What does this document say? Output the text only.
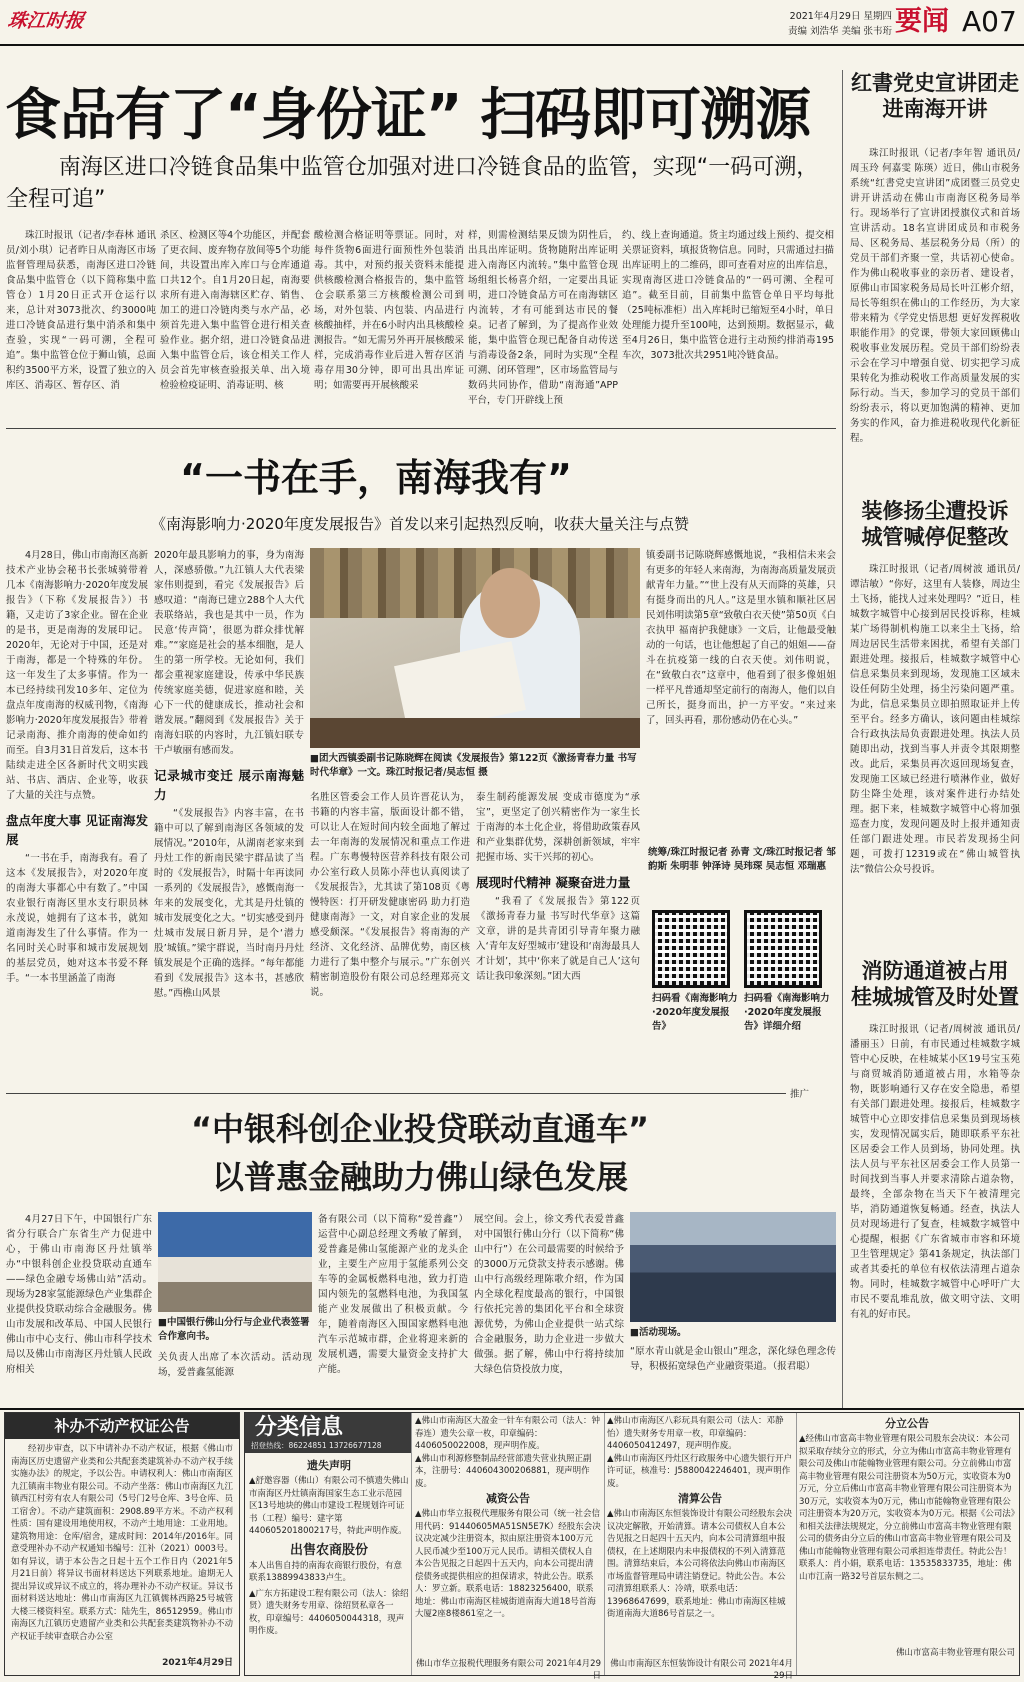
珠江时报	2021年4月29日 星期四
责编 刘浩华 美编 张韦珩 要闻 A07
食品有了“身份证” 扫码即可溯源
南海区进口冷链食品集中监管仓加强对进口冷链食品的监管，实现“一码可溯，全程可追”
珠江时报讯（记者/李春林 通讯员/刘小琪）记者昨日从南海区市场监督管理局获悉，南海区进口冷链食品集中监管仓（以下简称集中监管仓）1月20日正式开仓运行以来，总计对3073批次、约3000吨进口冷链食品进行集中消杀和集中查验，实现“一码可溯，全程可追”。集中监管仓位于狮山镇，总面积约3500平方米，设置了独立的入库区、消毒区、暂存区、消
杀区、检测区等4个功能区，并配套了更衣间、废弃物存放间等5个功能间，共设置出库入库口与仓库通道口共12个。自1月20日起，南海要求所有进入南海辖区贮存、销售、加工的进口冷链肉类与水产品，必须首先进入集中监管仓进行相关查验作业。据介绍，进口冷链食品进入集中监管仓后，该仓相关工作人员会首先审核查验报关单、出入境检验检疫证明、消毒证明、核
酸检测合格证明等票证。同时，对每件货物6面进行面预性外包装消毒。其中，对预约报关资料未能提供核酸检测合格报告的，集中监管仓会联系第三方核酸检测公司到场，对外包装、内包装、内品进行核酸抽样，并在6小时内出具核酸检测报告。“如无需另外再开展核酸采样，完成消毒作业后进入暂存区消毒存用30分钟，即可出具出库证明；如需要再开展核酸采
样，则需检测结果反馈为阴性后，出具出库证明。货物随附出库证明进入南海区内流转。”集中监管仓现场组组长杨喜介绍，一定要出具证明，进口冷链食品方可在南海辖区内流转，才有可能到达市民的餐桌。记者了解到，为了提高作业效能，集中监管仓现已配备自动传送与消毒设备2条，同时为实现“全程可溯、闭环管理”，区市场监管局与数码共同协作，借助“南海通”APP平台，专门开辟线上预
约、线上查询通道。货主均通过线上预约、提交相关票证资料，填报货物信息。同时，只需通过扫描出库证明上的二维码，即可查看对应的出库信息，实现南海区进口冷链食品的“一码可溯、全程可追”。截至目前，目前集中监管仓单日平均每批（25吨标准柜）出入库耗时已缩短至4小时，单日处理能力提升至100吨，达到预期。数据显示，截至4月26日，集中监管仓进行主动预约排消毒195车次，3073批次共2951吨冷链食品。
“一书在手，南海我有”
《南海影响力·2020年度发展报告》首发以来引起热烈反响，收获大量关注与点赞

4月28日，佛山市南海区高新技术产业协会秘书长张城骑带着几本《南海影响力·2020年度发展报告》（下称《发展报告》）书籍，又走访了3家企业。留在企业的是书，更是南海的发展印记。2020年，无论对于中国，还是对于南海，都是一个特殊的年份。这一年发生了太多事情。作为一本已经持续刊发10多年、定位为盘点年度南海的权威刊物，《南海影响力·2020年度发展报告》带着记录南海、推介南海的使命如约而至。自3月31日首发后，这本书陆续走进全区各新时代文明实践站、书店、酒店、企业等，收获了大量的关注与点赞。

盘点年度大事 见证南海发展

“一书在手，南海我有。看了这本《发展报告》，对2020年度的南海大事都心中有数了。”中国农业银行南海区里水支行职员林永茂说，她拥有了这本书，就知道南海发生了什么事情。作为一名同时关心时事和城市发展规划的基层党员，她对这本书爱不释手。“一本书里涵盖了南海

2020年最具影响力的事，身为南海人，深感骄傲。”九江镇人大代表梁家伟则提到，看完《发展报告》后感叹道：“南海已建立288个人大代表联络站，我也是其中一员，作为民意‘传声筒’，很愿为群众排忧解难。”“家庭是社会的基本细胞，是人生的第一所学校。无论如何，我们都会重视家庭建设，传承中华民族传统家庭美德，促进家庭和睦，关心下一代的健康成长，推动社会和谐发展。”翻阅到《发展报告》关于南海妇联的内容时，九江镇妇联专干卢敏丽有感而发。

记录城市变迁 展示南海魅力

“《发展报告》内容丰富，在书籍中可以了解到南海区各领域的发展情况。”2010年，从湖南老家来到丹灶工作的新南民梁宇群品读了当时的《发展报告》，时隔十年再读同一系列的《发展报告》，感慨南海一年来的发展变化，尤其是丹灶镇的城市发展变化之大。“切实感受到丹灶城市发展日新月异，是个‘潜力股’城镇。”梁宇群说，当时南丹丹灶镇发展是个正确的选择。“每年都能看到《发展报告》这本书，甚感欣慰。”西樵山风景

■团大西镇委副书记陈晓辉在阅读《发展报告》第122页《激扬青春力量 书写时代华章》一文。珠江时报记者/吴志恒 摄

名胜区管委会工作人员许晋花认为，书籍的内容丰富，版面设计都不错，可以让人在短时间内较全面地了解过去一年南海的发展情况和重点工作进程。广东粤慢特医营养科技有限公司办公室行政人员陈小萍也认真阅读了《发展报告》，尤其读了第108页《粤慢特医：打开研发健康密码 助力打造健康南海》一文，对自家企业的发展感受颇深。“《发展报告》将南海的产经济、文化经济、品牌优势，南区核力进行了集中整介与展示。”广东创兴精密制造股份有限公司总经理郑亮文说。

泰生制药能源发展 变成市德度为“承宝”，更坚定了创兴精密作为一家生长于南海的本土化企业，将借助政策春风和产业集群优势，深耕创新领域，牢牢把握市场、实干兴邦的初心。

展现时代精神 凝聚奋进力量

“我看了《发展报告》第122页《激扬青春力量 书写时代华章》这篇文章，讲的是共青团引导青年聚力融入‘青年友好型城市’建设和‘南海最具人才计划’，其中‘你来了就是自己人’这句话让我印象深刻。”团大西

镇委副书记陈晓辉感慨地说，“我相信未来会有更多的年轻人来南海，为南海高质量发展贡献青年力量。”“世上没有从天而降的英雄，只有挺身而出的凡人。”这是里水镇和顺社区居民刘伟明读第5章“致敬白衣天使”第50页《白衣执甲 福南护我健康》一文后，让他最受触动的一句话，也让他想起了自己的姐姐——奋斗在抗疫第一线的白衣天使。刘伟明说，在“致敬白衣”这章中，他看到了很多像姐姐一样平凡普通却坚定前行的南海人，他们以自己所长，挺身而出，护一方平安。“来过来了，回头再看，那份感动仍在心头。”

统筹/珠江时报记者 孙青 文/珠江时报记者 邹韵斯 朱明菲 钟泽诗 吴玮琛 吴志恒 邓瑞惠
扫码看《南海影响力·2020年度发展报告》
扫码看《南海影响力·2020年度发展报告》详细介绍
推广
“中银科创企业投贷联动直通车”
以普惠金融助力佛山绿色发展
4月27日下午，中国银行广东省分行联合广东省生产力促进中心，于佛山市南海区丹灶镇举办“中银科创企业投贷联动直通车——绿色金融专场佛山站”活动。现场为28家氢能源绿色产业集群企业提供投贷联动综合金融服务。佛山市发展和改革局、中国人民银行佛山市中心支行、佛山市科学技术局以及佛山市南海区丹灶镇人民政府相关
■中国银行佛山分行与企业代表签署合作意向书。
关负责人出席了本次活动。活动现场，爱普鑫氢能源
备有限公司（以下简称“爱普鑫”）运营中心副总经理文秀敏了解到，爱普鑫是佛山氢能源产业的龙头企业，主要生产应用于氢能系列公交车等的金属板燃料电池，致力打造国内领先的氢燃料电池，为我国氢能产业发展做出了积极贡献。今年，随着南海区入围国家燃料电池汽车示范城市群，企业将迎来新的发展机遇，需要大量资金支持扩大产能。
展空间。会上，徐文秀代表爱普鑫对中国银行佛山分行（以下简称“佛山中行”）在公司最需要的时候给予的3000万元贷款支持表示感谢。佛山中行高级经理陈歌介绍，作为国内全球化程度最高的银行，中国银行依托完善的集团化平台和全球资源优势，为佛山企业提供一站式综合金融服务，助力企业进一步做大做强。据了解，佛山中行将持续加大绿色信贷投放力度，
■活动现场。
“原水青山就是金山银山”理念，深化绿色理念传导，积极拓宽绿色产业融资渠道。（报君聪）
红書党史宣讲团走进南海开讲
珠江时报讯（记者/李年智 通讯员/周玉玲 何嘉雯 陈瑛）近日，佛山市税务系统“红書党史宣讲团”成团暨三员党史讲开讲活动在佛山市南海区税务局举行。现场举行了宣讲团授旗仪式和首场宣讲活动。18名宣讲团成员和市税务局、区税务局、基层税务分局（所）的党员干部们齐聚一堂，共话初心使命。作为佛山税收事业的亲历者、建设者，原佛山市国家税务局局长叶江彬介绍，局长等组织在佛山的工作经历，为大家带来精为《学党史悟思想 更好发挥税收职能作用》的党课，带领大家回顾佛山税收事业发展历程。党员干部们纷纷表示会在学习中增强自觉、切实把学习成果转化为推动税收工作高质量发展的实际行动。当天，参加学习的党员干部们纷纷表示，将以更加饱满的精神、更加务实的作风，奋力推进税收现代化新征程。
装修扬尘遭投诉 城管喊停促整改
珠江时报讯（记者/周树波 通讯员/谭洁敏）“你好，这里有人装修，周边尘土飞扬，能找人过来处理吗？”近日，桂城数字城管中心接到居民投诉称，桂城某广场得制机构施工以来尘土飞扬，给周边居民生活带来困扰，希望有关部门跟进处理。接报后，桂城数字城管中心信息采集员来到现场，发现施工区域未设任何防尘处理，扬尘污染问题严重。为此，信息采集员立即拍照取证并上传至平台。经多方确认，该问题由桂城综合行政执法局负责跟进处理。执法人员随即出动，找到当事人并责令其限期整改。此后，采集员再次返回现场复查，发现施工区域已经进行喷淋作业，做好防尘降尘处理，该对案件进行办结处理。据下来，桂城数字城管中心将加强巡查力度，发现问题及时上报并通知责任部门跟进处理。市民若发现扬尘问题，可拨打12319或在“佛山城管执法”微信公众号投诉。
消防通道被占用 桂城城管及时处置
珠江时报讯（记者/周树波 通讯员/潘丽玉）日前，有市民通过桂城数字城管中心反映，在桂城某小区19号宝玉苑与商贸城消防通道被占用，水箱等杂物，既影响通行又存在安全隐患，希望有关部门跟进处理。接报后，桂城数字城管中心立即安排信息采集员到现场核实，发现情况属实后，随即联系平东社区居委会工作人员到场，协同处理。执法人员与平东社区居委会工作人员第一时间找到当事人并要求清除占道杂物，最终，全部杂物在当天下午被清理完毕，消防通道恢复畅通。经查，执法人员对现场进行了复查，桂城数字城管中心提醒，根据《广东省城市市容和环境卫生管理规定》第41条规定，执法部门或者其委托的单位有权依法清理占道杂物。同时，桂城数字城管中心呼吁广大市民不要乱堆乱放，做文明守法、文明有礼的好市民。
补办不动产权证公告
经初步审查，以下申请补办不动产权证，根据《佛山市南海区历史遗留产业类和公共配套类建筑补办不动产权手续实施办法》的规定，予以公告。申请权利人：佛山市南海区九江镇南丰物业有限公司。不动产坐落：佛山市南海区九江镇西江村旁有农人有限公司（5号门2号仓库、3号仓库、员工宿舍）。不动产建筑面积：2908.89平方米。不动产权利性质：国有建设用地使用权，不动产土地用途：工业用地。建筑物用途：仓库/宿舍，建成时间：2014年/2016年。同意受理补办不动产权通知书编号：江补（2021）0003号。如有异议，请于本公告之日起十五个工作日内（2021年5月21日前）将异议书面材料送达下列联系地址。逾期无人提出异议或异议不成立的，将办理补办不动产权证。异议书面材料送达地址：佛山市南海区九江镇儒林西路25号城管大楼三楼资料室。联系方式：陆先生，86512959。佛山市南海区九江镇历史遗留产业类和公共配套类建筑物补办不动产权证手续审查联合办公室
2021年4月29日
分类信息
招登热线：86224851 13726677128
遗失声明
▲舒邀容器（佛山）有限公司不慎遗失佛山市南海区丹灶镇南海国家生态工业示范园区13号地块的佛山市建设工程规划许可证书（工程）编号：建字第440605201800217号，特此声明作废。
出售农商股份
本人出售自持的南海农商银行股份，有意联系13889943833卢生。
▲广东方拓建设工程有限公司（法人：徐绍贤）遗失财务专用章、徐绍贤私章各一枚，印章编号：4406050044318，现声明作废。
▲佛山市南海区大盈金一针车有限公司（法人：钟春连）遗失公章一枚，印章编码：4406050022008，现声明作废。
▲佛山市利源修整制品经营部遗失营业执照正副本，注册号：440604300206881，现声明作废。
减资公告
▲佛山市华立报税代理服务有限公司（统一社会信用代码：91440605MA51SN5E7K）经股东会决议决定减少注册资本，拟由原注册资本100万元人民币减少至100万元人民币。请相关债权人自本公告见报之日起四十五天内，向本公司提出清偿债务或提供相应的担保请求，特此公告。联系人：罗立新。联系电话：18823256400，联系地址：佛山市南海区桂城街道南海大道18号首海大厦2座8楼861室之一。
佛山市华立报税代理服务有限公司 2021年4月29日
▲佛山市南海区八彩玩具有限公司（法人：邓静怡）遗失财务专用章一枚，印章编码：4406050412497，现声明作废。
▲佛山市南海区丹灶区行政服务中心遗失银行开户许可证，核准号：J5880042246401，现声明作废。
清算公告
▲佛山市南海区东恒装饰设计有限公司经股东会决议决定解散，开始清算。请本公司债权人自本公告见报之日起四十五天内，向本公司清算组申报债权，在上述期限内未申报债权的不列入清算范围。清算结束后，本公司将依法向佛山市南海区市场监督管理局申请注销登记。特此公告。本公司清算组联系人：冷靖，联系电话：13968647699，联系地址：佛山市南海区桂城街道南海大道86号首层之一。
佛山市南海区东恒装饰设计有限公司 2021年4月29日
分立公告
▲经佛山市富高丰物业管理有限公司股东会决议：本公司拟采取存续分立的形式，分立为佛山市富高丰物业管理有限公司及佛山市能翰物业管理有限公司。分立前佛山市富高丰物业管理有限公司注册资本为50万元，实收资本为0万元，分立后佛山市富高丰物业管理有限公司注册资本为30万元，实收资本为0万元，佛山市能翰物业管理有限公司注册资本为20万元，实收资本为0万元。根据《公司法》和相关法律法规规定，分立前佛山市富高丰物业管理有限公司的债务由分立后的佛山市富高丰物业管理有限公司及佛山市能翰物业管理有限公司承担连带责任。特此公告！联系人：肖小娟，联系电话：13535833735，地址：佛山市江南一路32号首层东侧之二。
佛山市富高丰物业管理有限公司
